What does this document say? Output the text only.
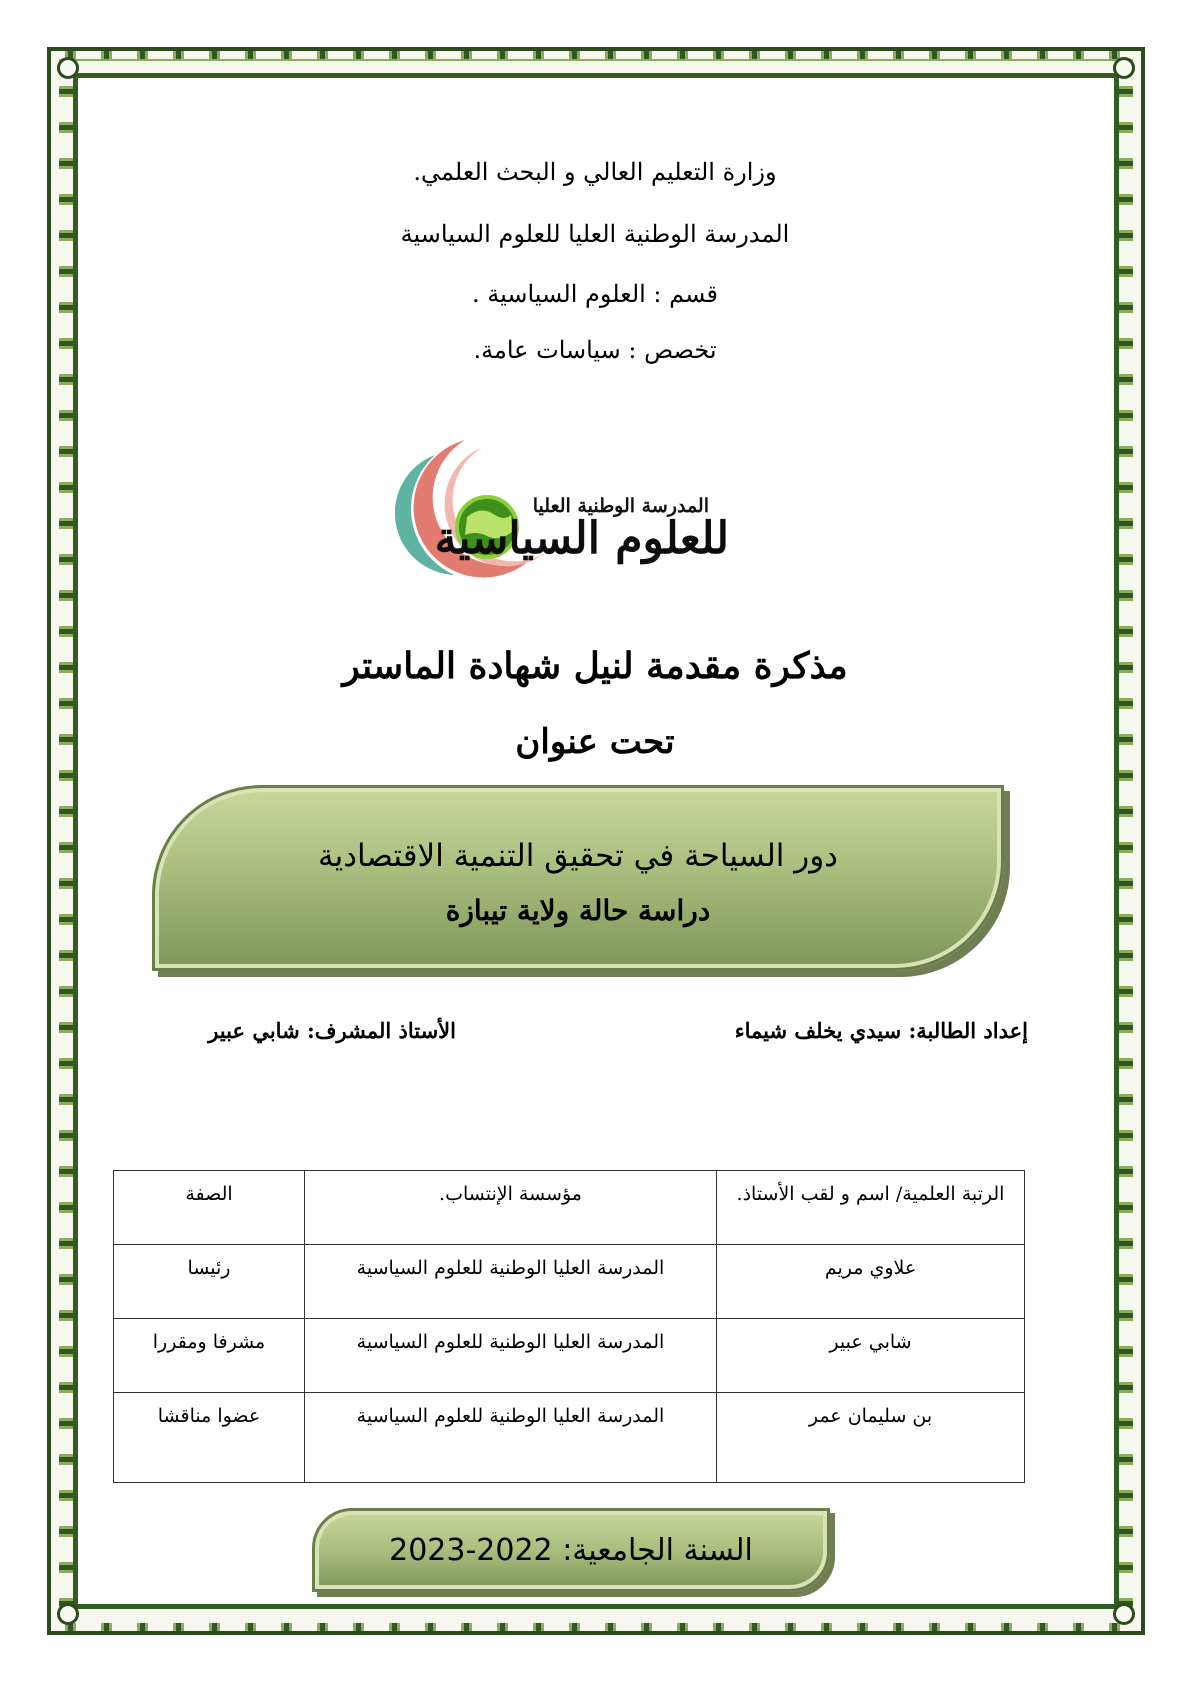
وزارة التعليم العالي و البحث العلمي.
المدرسة الوطنية العليا للعلوم السياسية
قسم : العلوم السياسية .
تخصص : سياسات عامة.
المدرسة الوطنية العليا
للعلوم السياسية
مذكرة مقدمة لنيل شهادة الماستر
تحت عنوان
دور السياحة في تحقيق التنمية الاقتصادية
دراسة حالة ولاية تيبازة
إعداد الطالبة: سيدي يخلف شيماء
الأستاذ المشرف: شابي عبير
الرتبة العلمية/ اسم و لقب الأستاذ.	مؤسسة الإنتساب.	الصفة
علاوي مريم	المدرسة العليا الوطنية للعلوم السياسية	رئيسا
شابي عبير	المدرسة العليا الوطنية للعلوم السياسية	مشرفا ومقررا
بن سليمان عمر	المدرسة العليا الوطنية للعلوم السياسية	عضوا مناقشا
السنة الجامعية: 2022-2023
